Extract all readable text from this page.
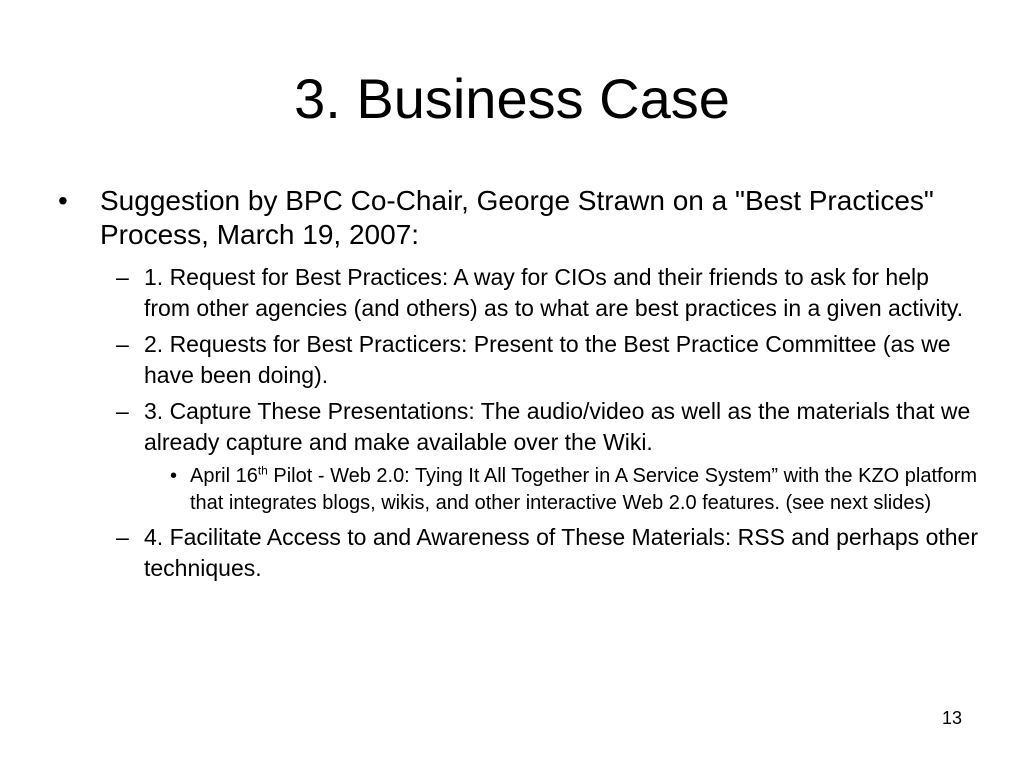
3. Business Case
• Suggestion by BPC Co-Chair, George Strawn on a "Best Practices" Process, March 19, 2007:
– 1. Request for Best Practices: A way for CIOs and their friends to ask for help from other agencies (and others) as to what are best practices in a given activity.
– 2. Requests for Best Practicers: Present to the Best Practice Committee (as we have been doing).
– 3. Capture These Presentations: The audio/video as well as the materials that we already capture and make available over the Wiki.
• April 16th Pilot - Web 2.0: Tying It All Together in A Service System” with the KZO platform that integrates blogs, wikis, and other interactive Web 2.0 features. (see next slides)
– 4. Facilitate Access to and Awareness of These Materials: RSS and perhaps other techniques.
13
